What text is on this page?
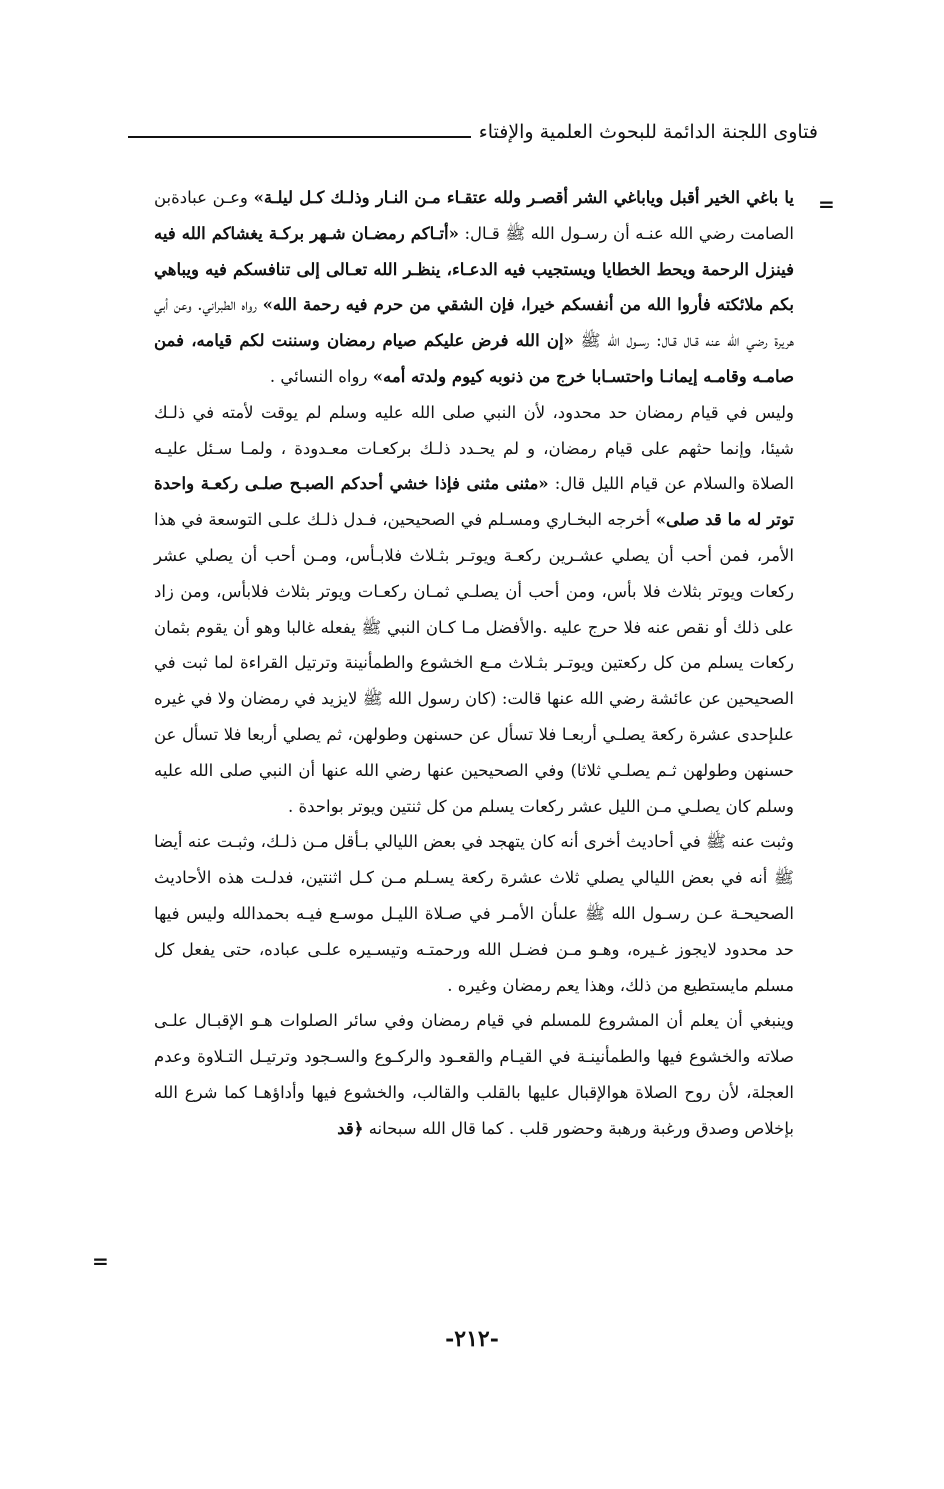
فتاوى اللجنة الدائمة للبحوث العلمية والإفتاء
=

يا باغي الخير أقبل وياباغي الشر أقصـر ولله عتقـاء مـن النـار وذلـك كـل ليلـة» وعـن عبادةبن الصامت رضي الله عنـه أن رسـول الله ﷺ قـال: «أتـاكم رمضـان شـهر بركـة يغشاكم الله فيه فينزل الرحمة ويحط الخطايا ويستجيب فيه الدعـاء، ينظـر الله تعـالى إلى تنافسكم فيه ويباهي بكم ملائكته فأروا الله من أنفسكم خيرا، فإن الشقي من حرم فيه رحمة الله» رواه الطبراني. وعن أبي هريرة رضي الله عنه قـال قـال: رسـول الله ﷺ «إن الله فرض عليكم صيام رمضان وسننت لكم قيامه، فمن صامـه وقامـه إيمانـا واحتسـابا خرج من ذنوبه كيوم ولدته أمه» رواه النسائي .

وليس في قيام رمضان حد محدود، لأن النبي صلى الله عليه وسلم لم يوقت لأمته في ذلـك شيئا، وإنما حثهم على قيام رمضان، و لم يحـدد ذلـك بركعـات معـدودة ، ولمـا سـئل عليـه الصلاة والسلام عن قيام الليل قال: «مثنى مثنى فإذا خشي أحدكم الصبـح صلـى ركعـة واحدة توتر له ما قد صلى» أخرجه البخـاري ومسـلم في الصحيحين، فـدل ذلـك علـى التوسعة في هذا الأمر، فمن أحب أن يصلي عشـرين ركعـة ويوتـر بثـلاث فلابـأس، ومـن أحب أن يصلي عشر ركعات ويوتر بثلاث فلا بأس، ومن أحب أن يصلـي ثمـان ركعـات ويوتر بثلاث فلابأس، ومن زاد على ذلك أو نقص عنه فلا حرج عليه .والأفضل مـا كـان النبي ﷺ يفعله غالبا وهو أن يقوم بثمان ركعات يسلم من كل ركعتين ويوتـر بثـلاث مـع الخشوع والطمأنينة وترتيل القراءة لما ثبت في الصحيحين عن عائشة رضي الله عنها قالت: (كان رسول الله ﷺ لايزيد في رمضان ولا في غيره علىإحدى عشرة ركعة يصلـي أربعـا فلا تسأل عن حسنهن وطولهن، ثم يصلي أربعا فلا تسأل عن حسنهن وطولهن ثـم يصلـي ثلاثا) وفي الصحيحين عنها رضي الله عنها أن النبي صلى الله عليه وسلم كان يصلـي مـن الليل عشر ركعات يسلم من كل ثنتين ويوتر بواحدة .

وثبت عنه ﷺ في أحاديث أخرى أنه كان يتهجد في بعض الليالي بـأقل مـن ذلـك، وثبـت عنه أيضا ﷺ أنه في بعض الليالي يصلي ثلاث عشرة ركعة يسـلم مـن كـل اثنتين، فدلـت هذه الأحاديث الصحيحـة عـن رسـول الله ﷺ علىأن الأمـر في صـلاة الليـل موسـع فيـه بحمدالله وليس فيها حد محدود لايجوز غـيره، وهـو مـن فضـل الله ورحمتـه وتيسـيره علـى عباده، حتى يفعل كل مسلم مايستطيع من ذلك، وهذا يعم رمضان وغيره .

وينبغي أن يعلم أن المشروع للمسلم في قيام رمضان وفي سائر الصلوات هـو الإقبـال علـى صلاته والخشوع فيها والطمأنينـة في القيـام والقعـود والركـوع والسـجود وترتيـل التـلاوة وعدم العجلة، لأن روح الصلاة هوالإقبال عليها بالقلب والقالب، والخشوع فيها وأداؤهـا كما شرع الله بإخلاص وصدق ورغبة ورهبة وحضور قلب . كما قال الله سبحانه ﴿قد

=
-٢١٢-
